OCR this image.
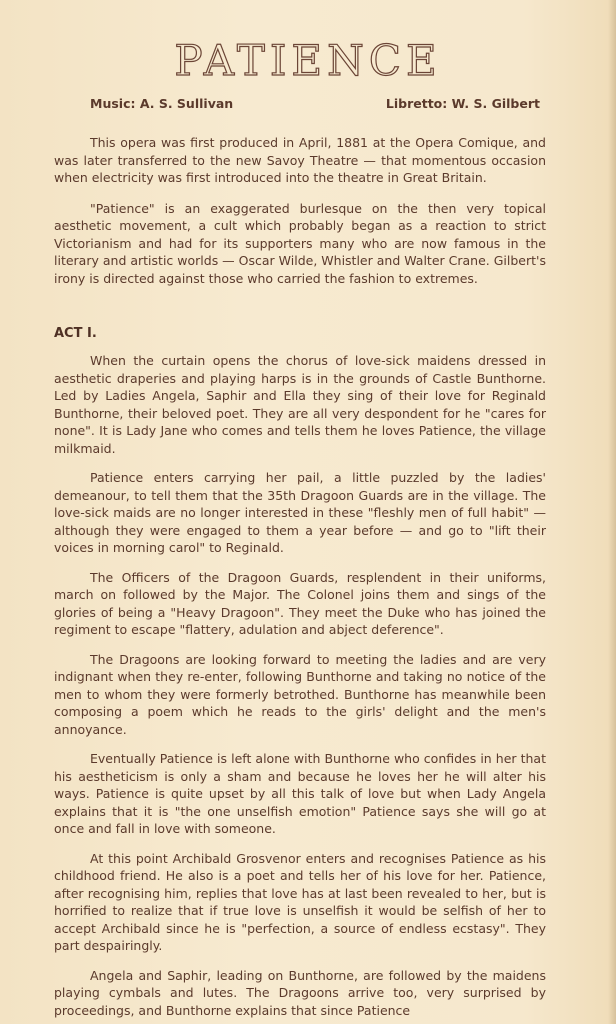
PATIENCE
Music: A. S. Sullivan	Libretto: W. S. Gilbert

This opera was first produced in April, 1881 at the Opera Comique, and was later transferred to the new Savoy Theatre — that momentous occasion when electricity was first introduced into the theatre in Great Britain.

"Patience" is an exaggerated burlesque on the then very topical aesthetic movement, a cult which probably began as a reaction to strict Victorianism and had for its supporters many who are now famous in the literary and artistic worlds — Oscar Wilde, Whistler and Walter Crane. Gilbert's irony is directed against those who carried the fashion to extremes.

ACT I.

When the curtain opens the chorus of love-sick maidens dressed in aesthetic draperies and playing harps is in the grounds of Castle Bunthorne. Led by Ladies Angela, Saphir and Ella they sing of their love for Reginald Bunthorne, their beloved poet. They are all very despondent for he "cares for none". It is Lady Jane who comes and tells them he loves Patience, the village milkmaid.

Patience enters carrying her pail, a little puzzled by the ladies' demeanour, to tell them that the 35th Dragoon Guards are in the village. The love-sick maids are no longer interested in these "fleshly men of full habit" — although they were engaged to them a year before — and go to "lift their voices in morning carol" to Reginald.

The Officers of the Dragoon Guards, resplendent in their uniforms, march on followed by the Major. The Colonel joins them and sings of the glories of being a "Heavy Dragoon". They meet the Duke who has joined the regiment to escape "flattery, adulation and abject deference".

The Dragoons are looking forward to meeting the ladies and are very indignant when they re-enter, following Bunthorne and taking no notice of the men to whom they were formerly betrothed. Bunthorne has meanwhile been composing a poem which he reads to the girls' delight and the men's annoyance.

Eventually Patience is left alone with Bunthorne who confides in her that his aestheticism is only a sham and because he loves her he will alter his ways. Patience is quite upset by all this talk of love but when Lady Angela explains that it is "the one unselfish emotion" Patience says she will go at once and fall in love with someone.

At this point Archibald Grosvenor enters and recognises Patience as his childhood friend. He also is a poet and tells her of his love for her. Patience, after recognising him, replies that love has at last been revealed to her, but is horrified to realize that if true love is unselfish it would be selfish of her to accept Archibald since he is "perfection, a source of endless ecstasy". They part despairingly.

Angela and Saphir, leading on Bunthorne, are followed by the maidens playing cymbals and lutes. The Dragoons arrive too, very surprised by proceedings, and Bunthorne explains that since Patience
